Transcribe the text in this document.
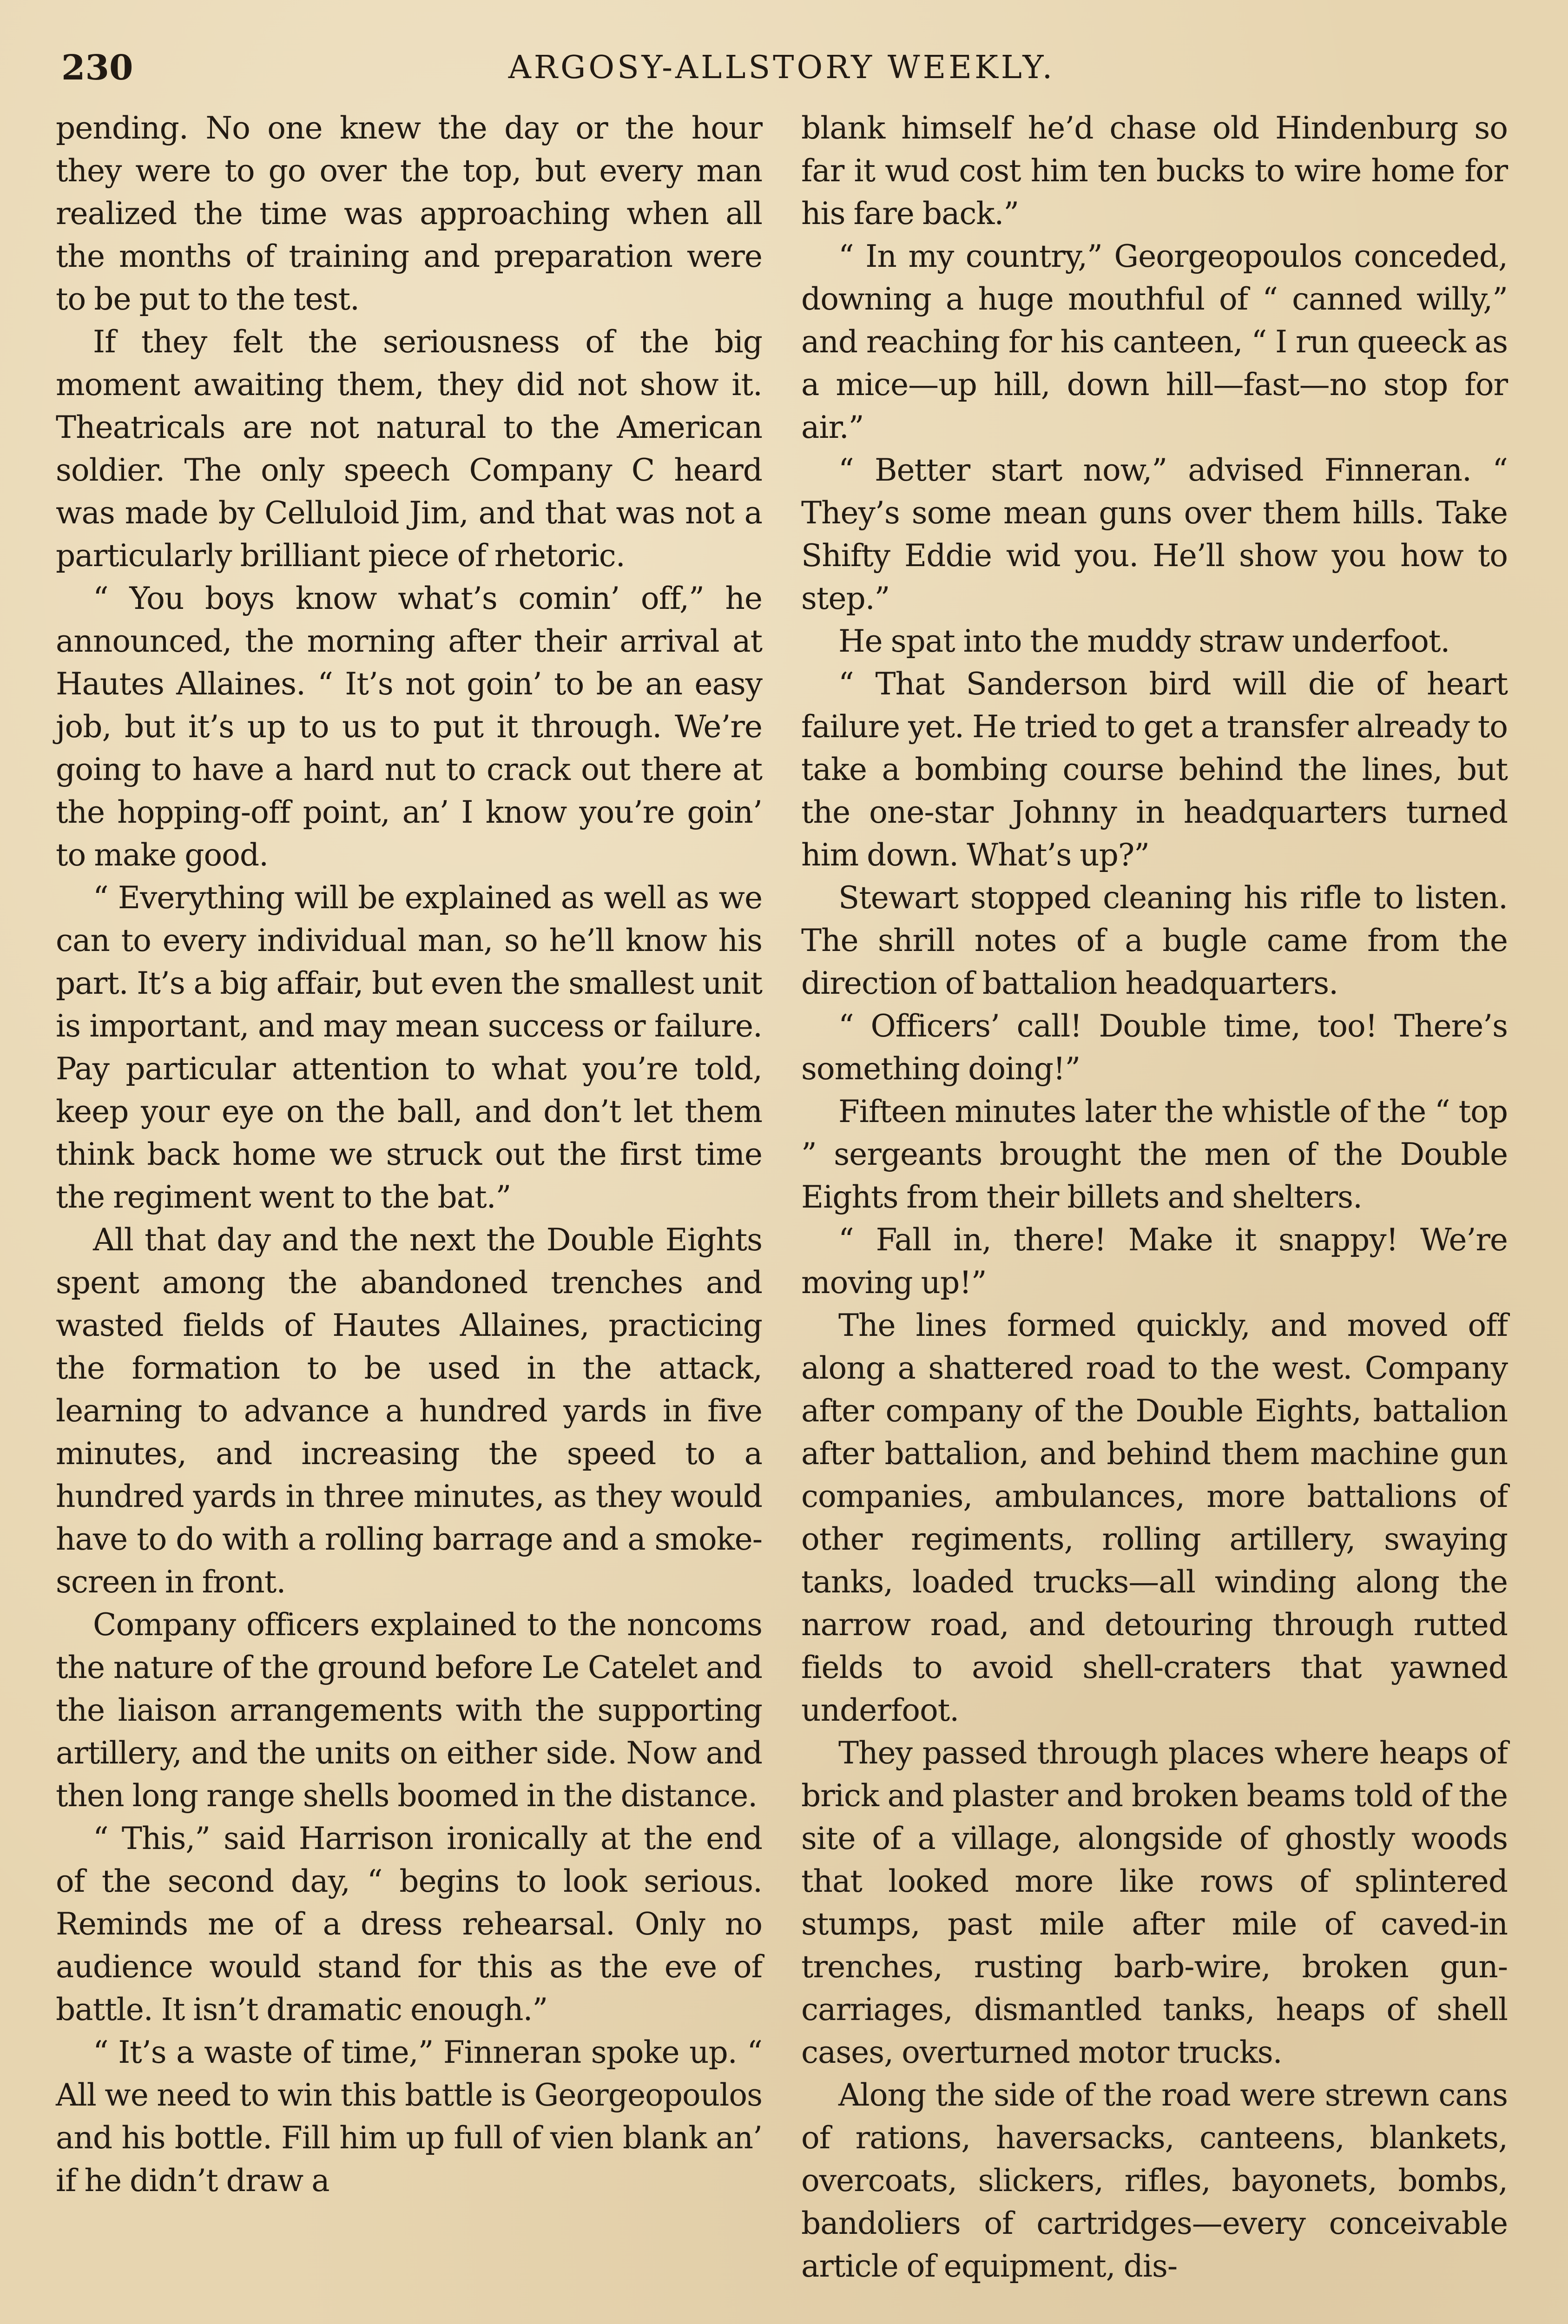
230	ARGOSY-ALLSTORY WEEKLY.

pending. No one knew the day or the hour they were to go over the top, but every man realized the time was approaching when all the months of training and preparation were to be put to the test.

If they felt the seriousness of the big moment awaiting them, they did not show it. Theatricals are not natural to the American soldier. The only speech Company C heard was made by Celluloid Jim, and that was not a particularly brilliant piece of rhetoric.

“ You boys know what’s comin’ off,” he announced, the morning after their arrival at Hautes Allaines. “ It’s not goin’ to be an easy job, but it’s up to us to put it through. We’re going to have a hard nut to crack out there at the hopping-off point, an’ I know you’re goin’ to make good.

“ Everything will be explained as well as we can to every individual man, so he’ll know his part. It’s a big affair, but even the smallest unit is important, and may mean success or failure. Pay particular attention to what you’re told, keep your eye on the ball, and don’t let them think back home we struck out the first time the regiment went to the bat.”

All that day and the next the Double Eights spent among the abandoned trenches and wasted fields of Hautes Allaines, practicing the formation to be used in the attack, learning to advance a hundred yards in five minutes, and increasing the speed to a hundred yards in three minutes, as they would have to do with a rolling barrage and a smoke-screen in front.

Company officers explained to the noncoms the nature of the ground before Le Catelet and the liaison arrangements with the supporting artillery, and the units on either side. Now and then long range shells boomed in the distance.

“ This,” said Harrison ironically at the end of the second day, “ begins to look serious. Reminds me of a dress rehearsal. Only no audience would stand for this as the eve of battle. It isn’t dramatic enough.”

“ It’s a waste of time,” Finneran spoke up. “ All we need to win this battle is Georgeopoulos and his bottle. Fill him up full of vien blank an’ if he didn’t draw a

blank himself he’d chase old Hindenburg so far it wud cost him ten bucks to wire home for his fare back.”

“ In my country,” Georgeopoulos conceded, downing a huge mouthful of “ canned willy,” and reaching for his canteen, “ I run queeck as a mice—up hill, down hill—fast—no stop for air.”

“ Better start now,” advised Finneran. “ They’s some mean guns over them hills. Take Shifty Eddie wid you. He’ll show you how to step.”

He spat into the muddy straw underfoot.

“ That Sanderson bird will die of heart failure yet. He tried to get a transfer already to take a bombing course behind the lines, but the one-star Johnny in headquarters turned him down. What’s up?”

Stewart stopped cleaning his rifle to listen. The shrill notes of a bugle came from the direction of battalion headquarters.

“ Officers’ call! Double time, too! There’s something doing!”

Fifteen minutes later the whistle of the “ top ” sergeants brought the men of the Double Eights from their billets and shelters.

“ Fall in, there! Make it snappy! We’re moving up!”

The lines formed quickly, and moved off along a shattered road to the west. Company after company of the Double Eights, battalion after battalion, and behind them machine gun companies, ambulances, more battalions of other regiments, rolling artillery, swaying tanks, loaded trucks—all winding along the narrow road, and detouring through rutted fields to avoid shell-craters that yawned underfoot.

They passed through places where heaps of brick and plaster and broken beams told of the site of a village, alongside of ghostly woods that looked more like rows of splintered stumps, past mile after mile of caved-in trenches, rusting barb-wire, broken gun-carriages, dismantled tanks, heaps of shell cases, overturned motor trucks.

Along the side of the road were strewn cans of rations, haversacks, canteens, blankets, overcoats, slickers, rifles, bayonets, bombs, bandoliers of cartridges—every conceivable article of equipment, dis-
